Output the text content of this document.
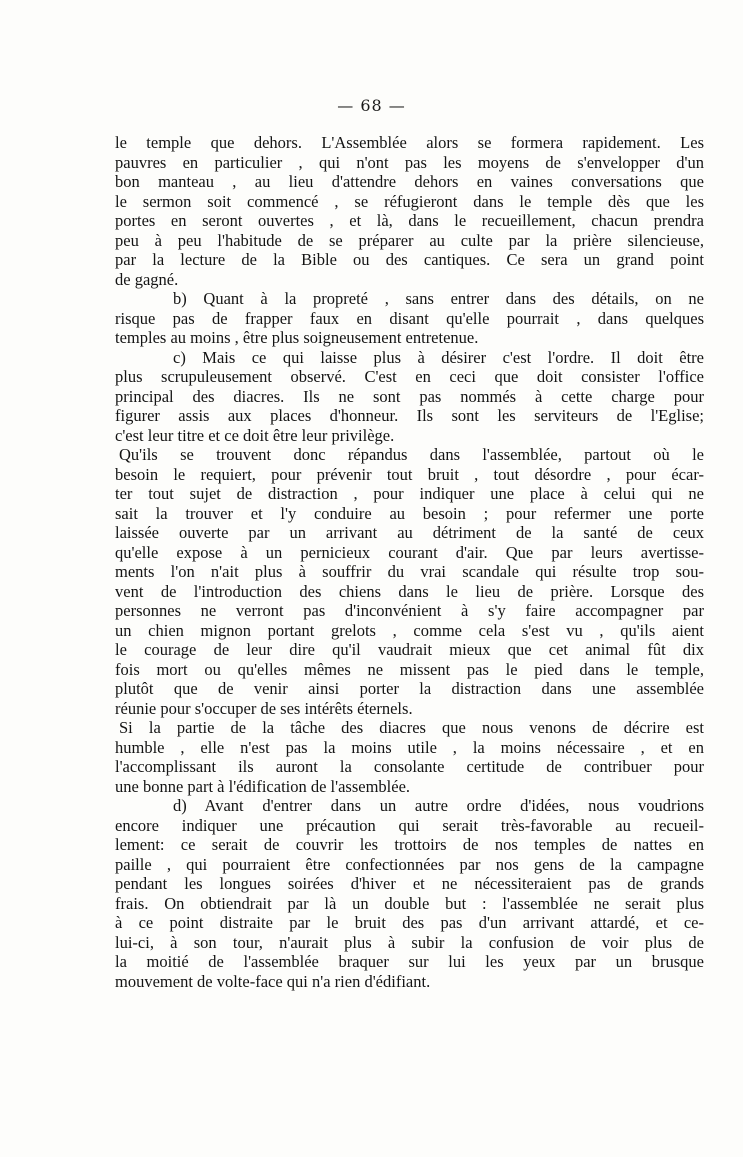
— 68 —
le temple que dehors. L'Assemblée alors se formera rapidement. Les
pauvres en particulier , qui n'ont pas les moyens de s'envelopper d'un
bon manteau , au lieu d'attendre dehors en vaines conversations que
le sermon soit commencé , se réfugieront dans le temple dès que les
portes en seront ouvertes , et là, dans le recueillement, chacun prendra
peu à peu l'habitude de se préparer au culte par la prière silencieuse,
par la lecture de la Bible ou des cantiques. Ce sera un grand point
de gagné.
b) Quant à la propreté , sans entrer dans des détails, on ne
risque pas de frapper faux en disant qu'elle pourrait , dans quelques
temples au moins , être plus soigneusement entretenue.
c) Mais ce qui laisse plus à désirer c'est l'ordre. Il doit être
plus scrupuleusement observé. C'est en ceci que doit consister l'office
principal des diacres. Ils ne sont pas nommés à cette charge pour
figurer assis aux places d'honneur. Ils sont les serviteurs de l'Eglise;
c'est leur titre et ce doit être leur privilège.
Qu'ils se trouvent donc répandus dans l'assemblée, partout où le
besoin le requiert, pour prévenir tout bruit , tout désordre , pour écar-
ter tout sujet de distraction , pour indiquer une place à celui qui ne
sait la trouver et l'y conduire au besoin ; pour refermer une porte
laissée ouverte par un arrivant au détriment de la santé de ceux
qu'elle expose à un pernicieux courant d'air. Que par leurs avertisse-
ments l'on n'ait plus à souffrir du vrai scandale qui résulte trop sou-
vent de l'introduction des chiens dans le lieu de prière. Lorsque des
personnes ne verront pas d'inconvénient à s'y faire accompagner par
un chien mignon portant grelots , comme cela s'est vu , qu'ils aient
le courage de leur dire qu'il vaudrait mieux que cet animal fût dix
fois mort ou qu'elles mêmes ne missent pas le pied dans le temple,
plutôt que de venir ainsi porter la distraction dans une assemblée
réunie pour s'occuper de ses intérêts éternels.
Si la partie de la tâche des diacres que nous venons de décrire est
humble , elle n'est pas la moins utile , la moins nécessaire , et en
l'accomplissant ils auront la consolante certitude de contribuer pour
une bonne part à l'édification de l'assemblée.
d) Avant d'entrer dans un autre ordre d'idées, nous voudrions
encore indiquer une précaution qui serait très-favorable au recueil-
lement: ce serait de couvrir les trottoirs de nos temples de nattes en
paille , qui pourraient être confectionnées par nos gens de la campagne
pendant les longues soirées d'hiver et ne nécessiteraient pas de grands
frais. On obtiendrait par là un double but : l'assemblée ne serait plus
à ce point distraite par le bruit des pas d'un arrivant attardé, et ce-
lui-ci, à son tour, n'aurait plus à subir la confusion de voir plus de
la moitié de l'assemblée braquer sur lui les yeux par un brusque
mouvement de volte-face qui n'a rien d'édifiant.
